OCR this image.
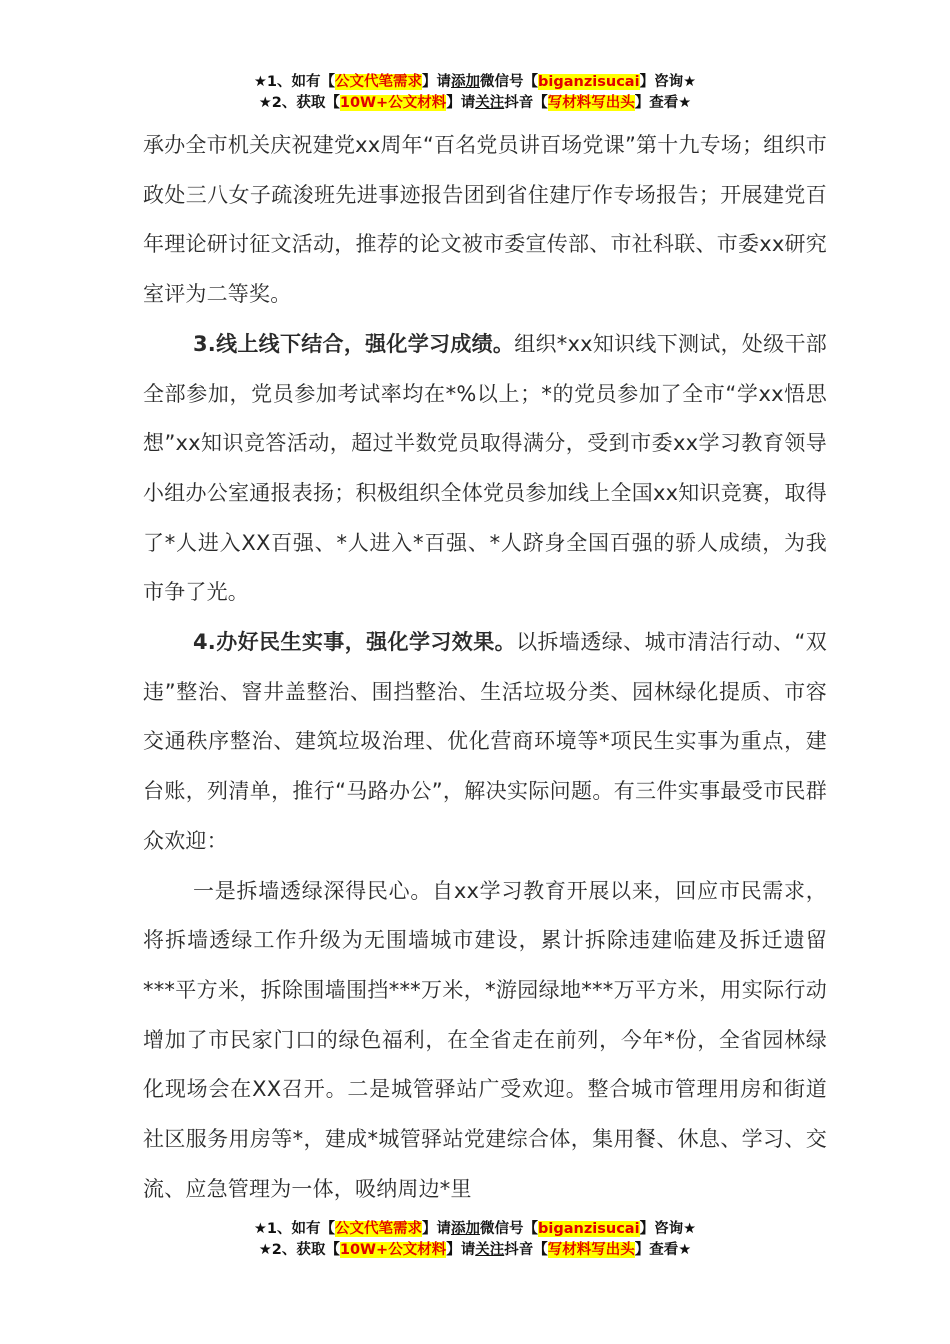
★1、如有【公文代笔需求】请添加微信号【biganzisucai】咨询★
★2、获取【10W+公文材料】请关注抖音【写材料写出头】查看★

承办全市机关庆祝建党xx周年“百名党员讲百场党课”第十九专场；组织市政处三八女子疏浚班先进事迹报告团到省住建厅作专场报告；开展建党百年理论研讨征文活动，推荐的论文被市委宣传部、市社科联、市委xx研究室评为二等奖。

3.线上线下结合，强化学习成绩。组织*xx知识线下测试，处级干部全部参加，党员参加考试率均在*%以上；*的党员参加了全市“学xx悟思想”xx知识竞答活动，超过半数党员取得满分，受到市委xx学习教育领导小组办公室通报表扬；积极组织全体党员参加线上全国xx知识竞赛，取得了*人进入XX百强、*人进入*百强、*人跻身全国百强的骄人成绩，为我市争了光。

4.办好民生实事，强化学习效果。以拆墙透绿、城市清洁行动、“双违”整治、窨井盖整治、围挡整治、生活垃圾分类、园林绿化提质、市容交通秩序整治、建筑垃圾治理、优化营商环境等*项民生实事为重点，建台账，列清单，推行“马路办公”，解决实际问题。有三件实事最受市民群众欢迎：

一是拆墙透绿深得民心。自xx学习教育开展以来，回应市民需求，将拆墙透绿工作升级为无围墙城市建设，累计拆除违建临建及拆迁遗留***平方米，拆除围墙围挡***万米，*游园绿地***万平方米，用实际行动增加了市民家门口的绿色福利，在全省走在前列，今年*份，全省园林绿化现场会在XX召开。二是城管驿站广受欢迎。整合城市管理用房和街道社区服务用房等*，建成*城管驿站党建综合体，集用餐、休息、学习、交流、应急管理为一体，吸纳周边*里

★1、如有【公文代笔需求】请添加微信号【biganzisucai】咨询★
★2、获取【10W+公文材料】请关注抖音【写材料写出头】查看★
